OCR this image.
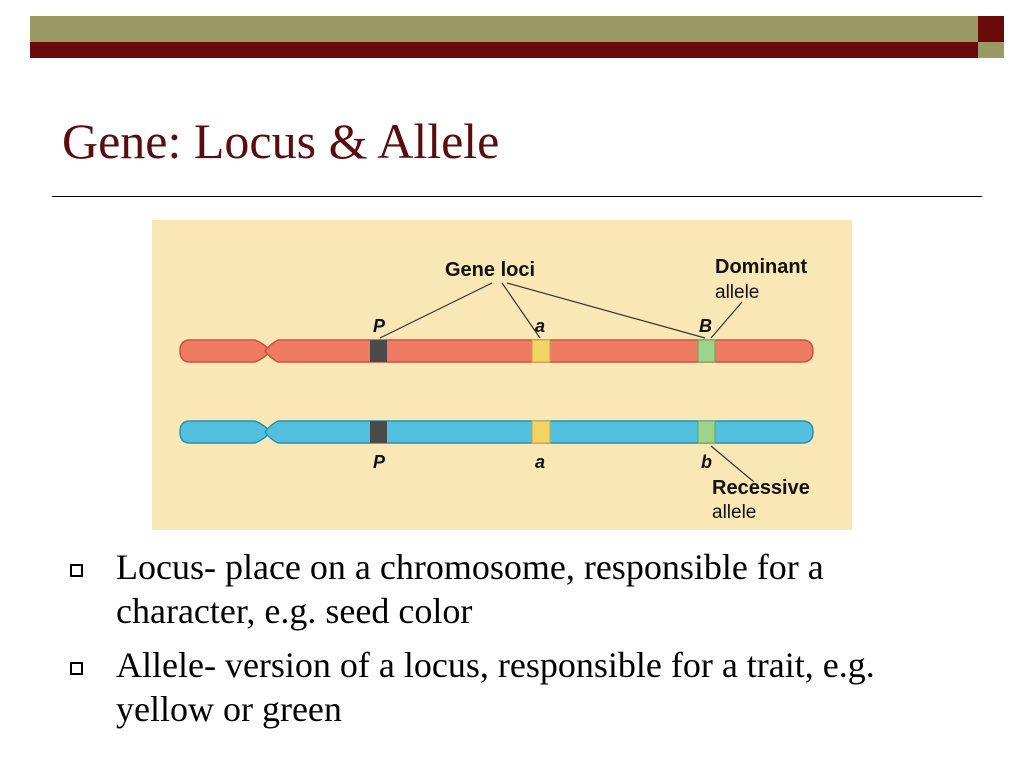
Gene: Locus & Allele
Gene loci	Dominant
allele
Recessive
allele
P	a	B
P	a	b
Locus- place on a chromosome, responsible for a character, e.g. seed color
Allele- version of a locus, responsible for a trait, e.g. yellow or green
